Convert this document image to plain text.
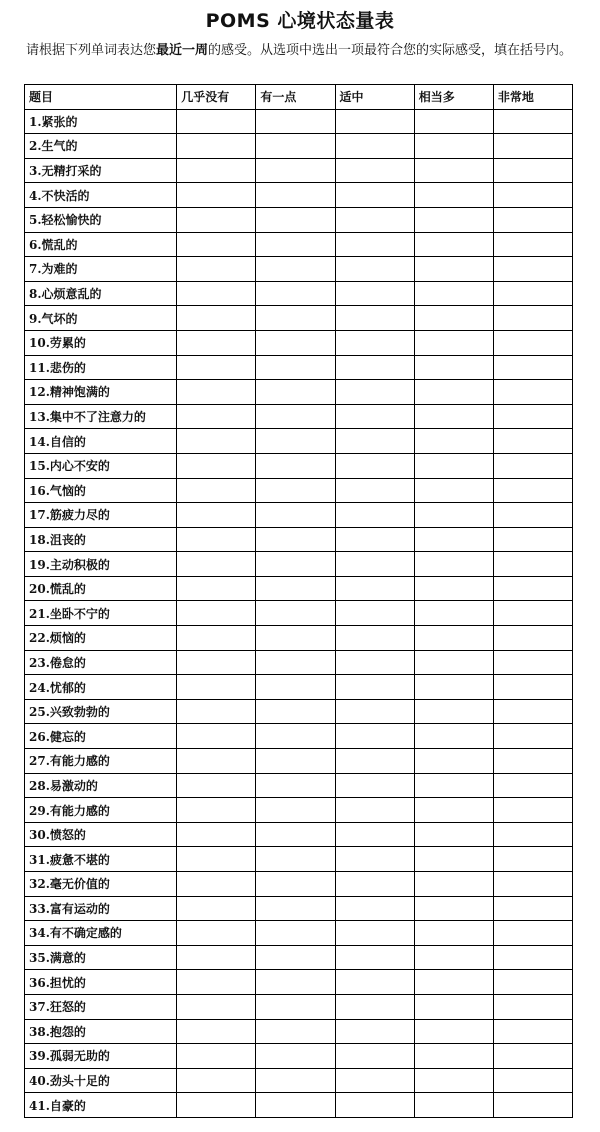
POMS 心境状态量表
请根据下列单词表达您最近一周的感受。从选项中选出一项最符合您的实际感受，填在括号内。
题目	几乎没有	有一点	适中	相当多	非常地
1.紧张的					
2.生气的					
3.无精打采的					
4.不快活的					
5.轻松愉快的					
6.慌乱的					
7.为难的					
8.心烦意乱的					
9.气坏的					
10.劳累的					
11.悲伤的					
12.精神饱满的					
13.集中不了注意力的					
14.自信的					
15.内心不安的					
16.气恼的					
17.筋疲力尽的					
18.沮丧的					
19.主动积极的					
20.慌乱的					
21.坐卧不宁的					
22.烦恼的					
23.倦怠的					
24.忧郁的					
25.兴致勃勃的					
26.健忘的					
27.有能力感的					
28.易激动的					
29.有能力感的					
30.愤怒的					
31.疲惫不堪的					
32.毫无价值的					
33.富有运动的					
34.有不确定感的					
35.满意的					
36.担忧的					
37.狂怒的					
38.抱怨的					
39.孤弱无助的					
40.劲头十足的					
41.自豪的					
